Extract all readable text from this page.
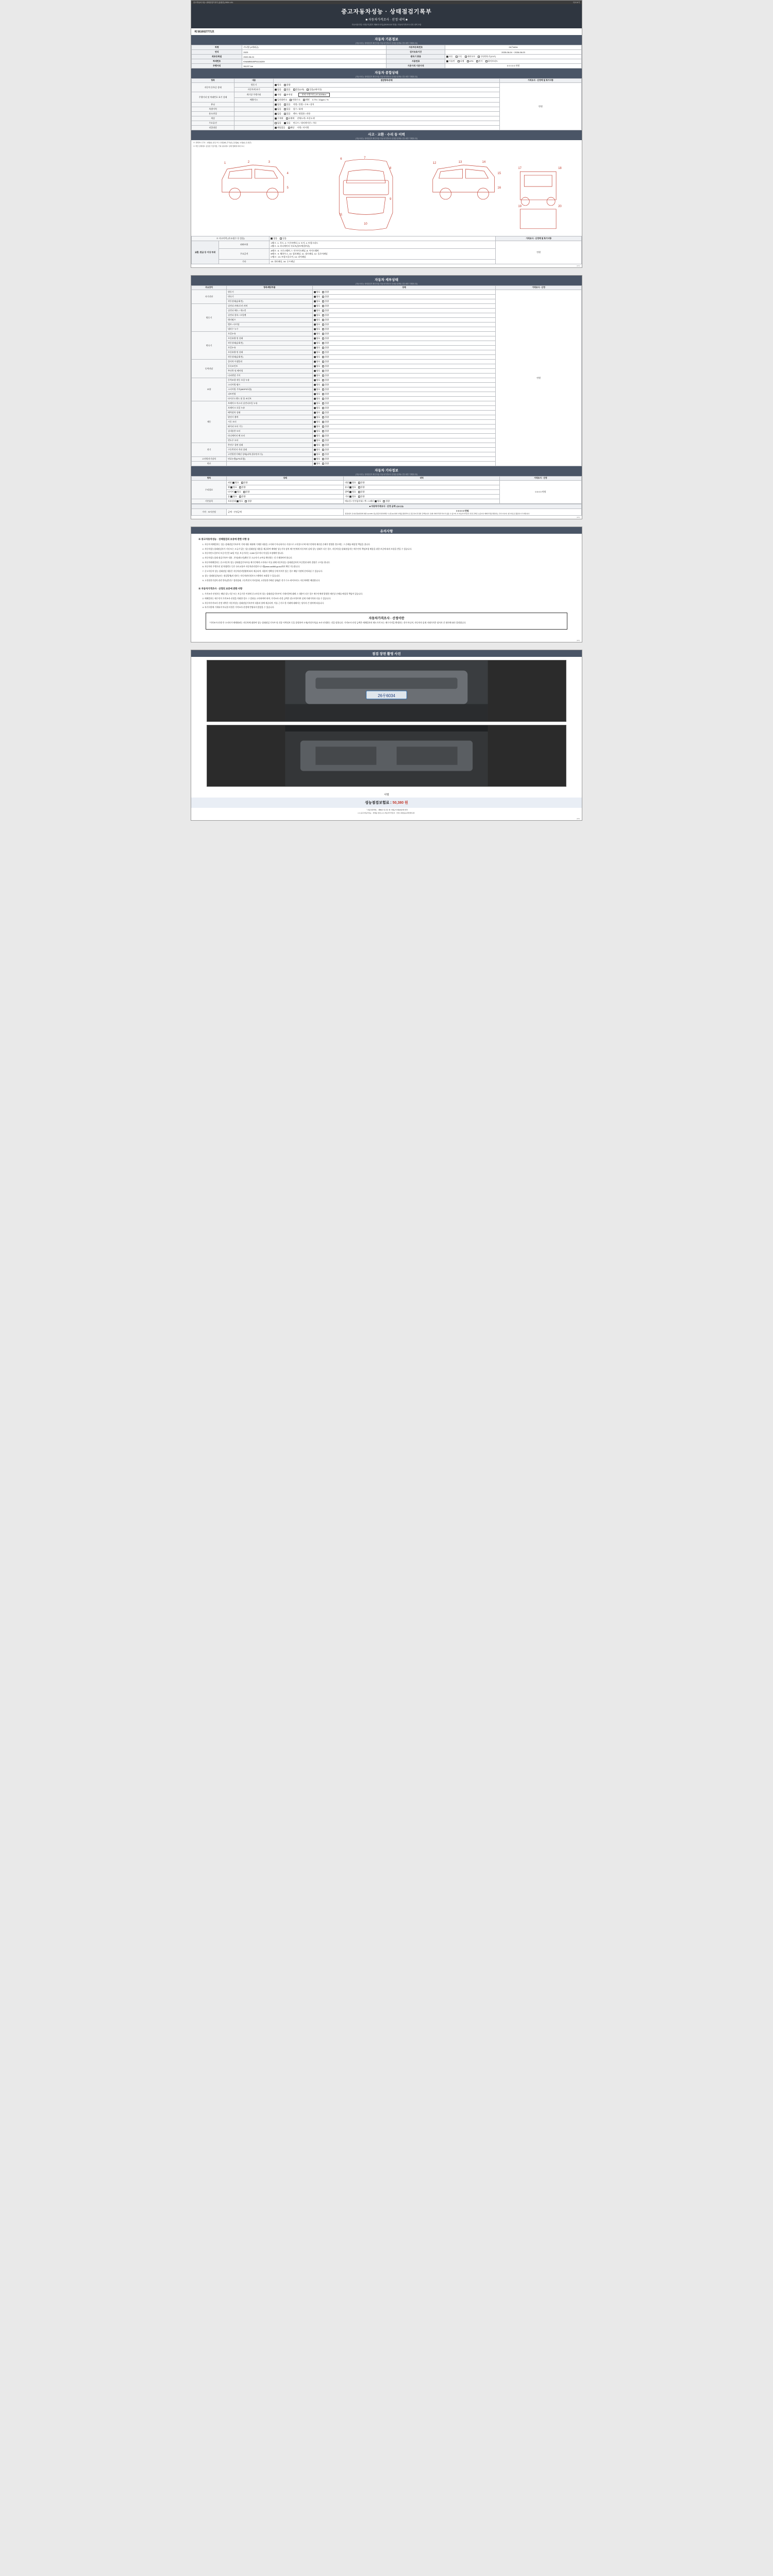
중고자동차 성능·상태점검기록부 (통합본) 2021.1.01.	다시보기
중고자동차성능 · 상태점검기록부
■ 자동차가격조사 · 산정 내역 ■
자동차관리법 시행규칙 [별지 제82호서식] (2019.5.15 개정) / 자동차가격조사·산정 내역 포함
제 5610027771호
자동차 기본정보
(자동차성능·상태점검자 확인사항: 자동차가격조사·산정을 함께요 경우에만 기재합니다)
차명	카니발 (4세대급)	자동차등록번호	26우6034
연식	2023	검사유효기간	2025-06-04 ~ 2026-06-03
최초등록일	2022-06-24	변속기 종류	자동 수동 세미오토 무단변속기(CVT)
차대번호	KNAMB51BP51116209	사용연료	가솔린 디젤 LPG 전기 하이브리드
주행거리	98,037 km	기준가격 기준가격	0 0 0 0 0 만원
자동차 종합상태
(자동차성능·상태점검자 확인사항: 자동차가격조사·산정을 함께요 경우에만 기재합니다)
항목	내용	점검항목/상태	가격조사 · 산정액 및 특기사항
자동차 등록증 상태	원동기	양호 불량	만원
	자동차세 표기	없음 있음 있음(1회) 있음(2회이상)	
주행거리 및 차대번호 표기 상태	계기상 주행거리	적정 부적정 현재 미행거리 | 57,8199km	
	배출가스	일산화탄소 탄화수소 매연 0.7% / 10ppm / %	
튜닝		없음 있음 적법 / 불법 / 구조 / 장치	
특별이력		없음 있음 침수 / 화재	
용도변경		없음 있음 렌트 / 영업용 / 관용	
색상		무채색 유채색 전체도색 / 부분도색	
주요옵션		없음 있음 썬루프 / 내비게이션 / 기타	
리콜대상		해당없음 해당 이행 / 미이행	
사고 · 교환 · 수리 등 이력
(자동차성능·상태점검자 확인사항: 자동차가격조사·산정을 함께요 경우에만 기재합니다)
※ 상태표시 부호 : 교환(X), 판금 또는 용접(W), 부식(C), 흠집(A), 요철(U), 손상(T)
※ 하단 상태에도 동일한 기준적용, 기타 위치에도 상태 범례에 따라 표시
1	2	3
4
5
6	7
8
9
10
11
12	13	14
15
16
17	18
19	20
※ 사고이력 (사고/침수 등 있음)		없음 있음	가격조사 · 산정액 및 특기사항
교환, 판금 등 이상 부위	외판부위	1랭크 : 1. 후드, 2. 프론트펜더, 3. 도어, 4. 트렁크리드
2랭크 : 5. 라디에이터 서포트(볼트체결부품)	만원
	주요골격	A랭크 : 6. 크로스멤버, 7. 인사이드패널, 8. 사이드멤버
B랭크 : 9. 휠하우스, 10. 필러패널, 11. 대시패널, 12. 플로어패널
C랭크 : 13. 트렁크플로어, 14. 리어패널	

	기타	15. 쿼터패널, 16. 루프패널	
(1/4)
자동차 세부상태
(자동차성능·상태점검자 확인사항: 자동차가격조사·산정을 함께요 경우에만 기재합니다)
주요장치	항목/해당부품	상태	가격조사 · 산정
자기진단	원동기	양호 불량	만원
	변속기	양호 불량	
	작동상태(공회전)	양호 불량	
원동기	실린더 커버/로커 커버	양호 불량	
	실린더 헤드 / 개스킷	양호 불량	
	실린더 블록 / 오일팬	양호 불량	
	워터펌프	양호 불량	
	밸브 / 타이밍	양호 불량	
	냉각수 누수	양호 불량	
변속기	오일누유	양호 불량	
	오일유량 및 상태	양호 불량	
	작동상태(공회전)	양호 불량	
	오일누유	양호 불량	
	오일유량 및 상태	양호 불량	
	작동상태(공회전)	양호 불량	
동력전달	클러치 어셈블리	양호 불량	
	등속조인트	양호 불량	
	추진축 및 베어링	양호 불량	
	디퍼렌셜 기어	양호 불량	
조향	동력조향 작동 오일 누유	양호 불량	
	스티어링 펌프	양호 불량	
	스티어링 기어(MDPS포함)	양호 불량	
	피트먼암	양호 불량	
	타이로드엔드 및 볼 조인트	양호 불량	
제동	브레이크 마스터 실린더오일 누유	양호 불량	
	브레이크 오일 누유	양호 불량	
	배력장치 상태	양호 불량	
	발전기 출력	양호 불량	
	시동 모터	양호 불량	
	와이퍼 모터 기능	양호 불량	
	실내송풍 모터	양호 불량	
	라디에이터 팬 모터	양호 불량	
	윈도우 모터	양호 불량	
전기	충전구 절연 상태	양호 불량	
	구동축전지 격리 상태	양호 불량	
	고전원전기배선 상태(피복,접속단자 등)	양호 불량	
고전원전기장치	연료누출(LPG포함)	양호 불량	
연료		양호 불량	
자동차 기타정보
(자동차성능·상태점검자 확인사항: 자동차가격조사·산정을 함께요 경우에만 기재합니다)
항목	상태	내역	가격조사 · 산정
수리필요	외장 양호 불량	내장 양호 불량	0 0 0 0 만원
	휠 양호 불량	유리 양호 불량	
	타이어 양호 불량	광택 양호 불량	
	룸 양호 불량	기타 양호 불량	
기본품목	보유상태 양호 불량	매뉴얼 / 안전삼각대 / 잭 / 스패너 양호 불량	
■ 자동차가격조사 · 산정 금액 (단위:만원)
가격 · 조사산정	금액 · 산정금액	0 0 0 0 0 만원
점검/평가 조사(산정)대상에 대한 (1) 1151 성능점검기록부(해당 시) 및 (2) 현재 시세를 종합적으로 검토하여 산정한 금액입니다. 실제 거래가격과 차이가 있을 수 있으며, 이 자동차가격조사·산정 금액은 보증이나 매매가격을 확정하는 것이 아니며, 참고자료로 활용하시기 바랍니다.
(2/4)
유의사항
※ 중고자동차성능 · 상태점검의 보증에 관한 사항 등
1. 자동차 매매업자는 성능·상태점검기록부의 기재 내용 제대에 기재한 내용을 고지하기 아니하거나 거짓으로 고지할으로써 매수인에게 재산상 손해가 발생한 경우에는 그 손해를 배상할 책임을 집니다.
2. 자동차성능상태점검자가 거짓 또는 오류가 있는 성능상태점검 내용을 제공하여 매매된 성능기록 장치 매수인에게 자동차의 실제 성능·상태가 다른 경우, 자동차성능상태점검자는 매수인의 책임보험 배상을 위한 보증에 따라 보상을 받을 수 있습니다.
3. 자동차인도일부터 보증기간은 30일 이상, 보증거리는 2,000 킬로미터 이상을 보장해야 합니다.
4. 자동차성능상태 점검기록부 내용 - 본인(매도인)확인 후 소유자가 교부를 확인하는 것 기재하여야 합니다.
5. 자동차매매업자는 중고자동차 성능·상태점검기록부를 매수인에게 고지하고 이를 위해 자동차성능·상태점검자의 보증범위 외의 결함은 고지를 합니다.
6. 자동차의 주행거리 및 차량번호 등은 국토교통부 자동차관리정보시스템(www.car365.go.kr)에서 확인 가능합니다.
7. 중고자동차 성능·상태점검 내용은 자동차관리법령에 따라 제공되며, 내용의 정확성 등에 이의가 있는 경우 해당 기관에 문의하실 수 있습니다.
8. 성능·상태점검자(또는 점검업체)의 정보는 자동차관리정보시스템에서 조회할 수 있습니다.
9. 고전원전기장치 관련 항목(충전구 절연상태, 구동축전지 격리상태, 고전원전기배선 상태)은 전기·수소·하이브리드 자동차에만 해당합니다.
※ 자동차가격조사 · 산정의 보증에 관한 사항
1. 가격조사·산정자는 해당 성능기준 또는 보증기간 이내에 중고자동차 성능·상태점검기록부의 기재사항에 대해 그 내용이 다른 경우 매수인에게 발생한 재산상 손해를 배상할 책임이 있습니다.
2. 매매업자는 매수인이 가격조사·산정을 의뢰한 경우 그 결과를 고지하여야 하며, 가격조사·산정 금액은 참고사항이며 실제 거래가격과 다를 수 있습니다.
3. 자동차가격조사·산정 내역은 자동차성능·상태점검기록부의 내용과 함께 제공되며, 이를 근거로 한 거래에 대해서는 당사자 간 협의에 따릅니다.
4. 특기사항에 기재되지 아니한 사항은 가격조사·산정에 반영되지 않았을 수 있습니다.
자동차가격조사 · 산정이란
"가격조사·산정"은 소비자가 매매하려는 자동차에 대하여 성능·상태점검 기록부 및 각종 이력정보 등을 종합하여 시세(적정가격)를 조사·산정하는 것을 말합니다. 가격조사·산정 금액은 매매업자의 매도가격 또는 매수가격을 확정하는 것이 아니며, 자동차의 실제 거래가격은 당사자 간 협의에 따라 결정됩니다.
(3/4)
점검 장면 촬영 사진
26우6034
서명
성능점검보험료 : 50,380 원
「 자동차관리법」 제58조 및 같은 법 시행규칙 제120조에 따라
[ 1 ] 중고자동차성능 · 상태를 점검, [ 2 ] 자동차가격조사 · 산정 ) 하였음을 확인합니다.
(4/4)
